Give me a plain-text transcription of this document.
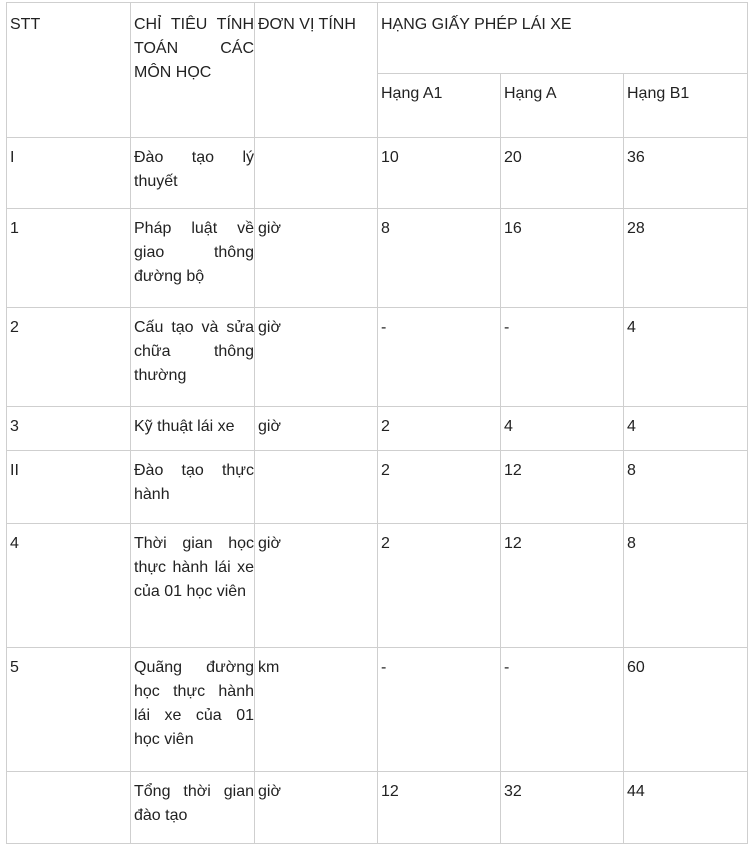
STT	CHỈ TIÊU TÍNH TOÁN CÁC MÔN HỌC	ĐƠN VỊ TÍNH	HẠNG GIẤY PHÉP LÁI XE		
			Hạng A1	Hạng A	Hạng B1
I	Đào tạo lý thuyết		10	20	36
1	Pháp luật về giao thông đường bộ	giờ	8	16	28
2	Cấu tạo và sửa chữa thông thường	giờ	-	-	4
3	Kỹ thuật lái xe	giờ	2	4	4
II	Đào tạo thực hành		2	12	8
4	Thời gian học thực hành lái xe của 01 học viên	giờ	2	12	8
5	Quãng đường học thực hành lái xe của 01 học viên	km	-	-	60
	Tổng thời gian đào tạo	giờ	12	32	44
